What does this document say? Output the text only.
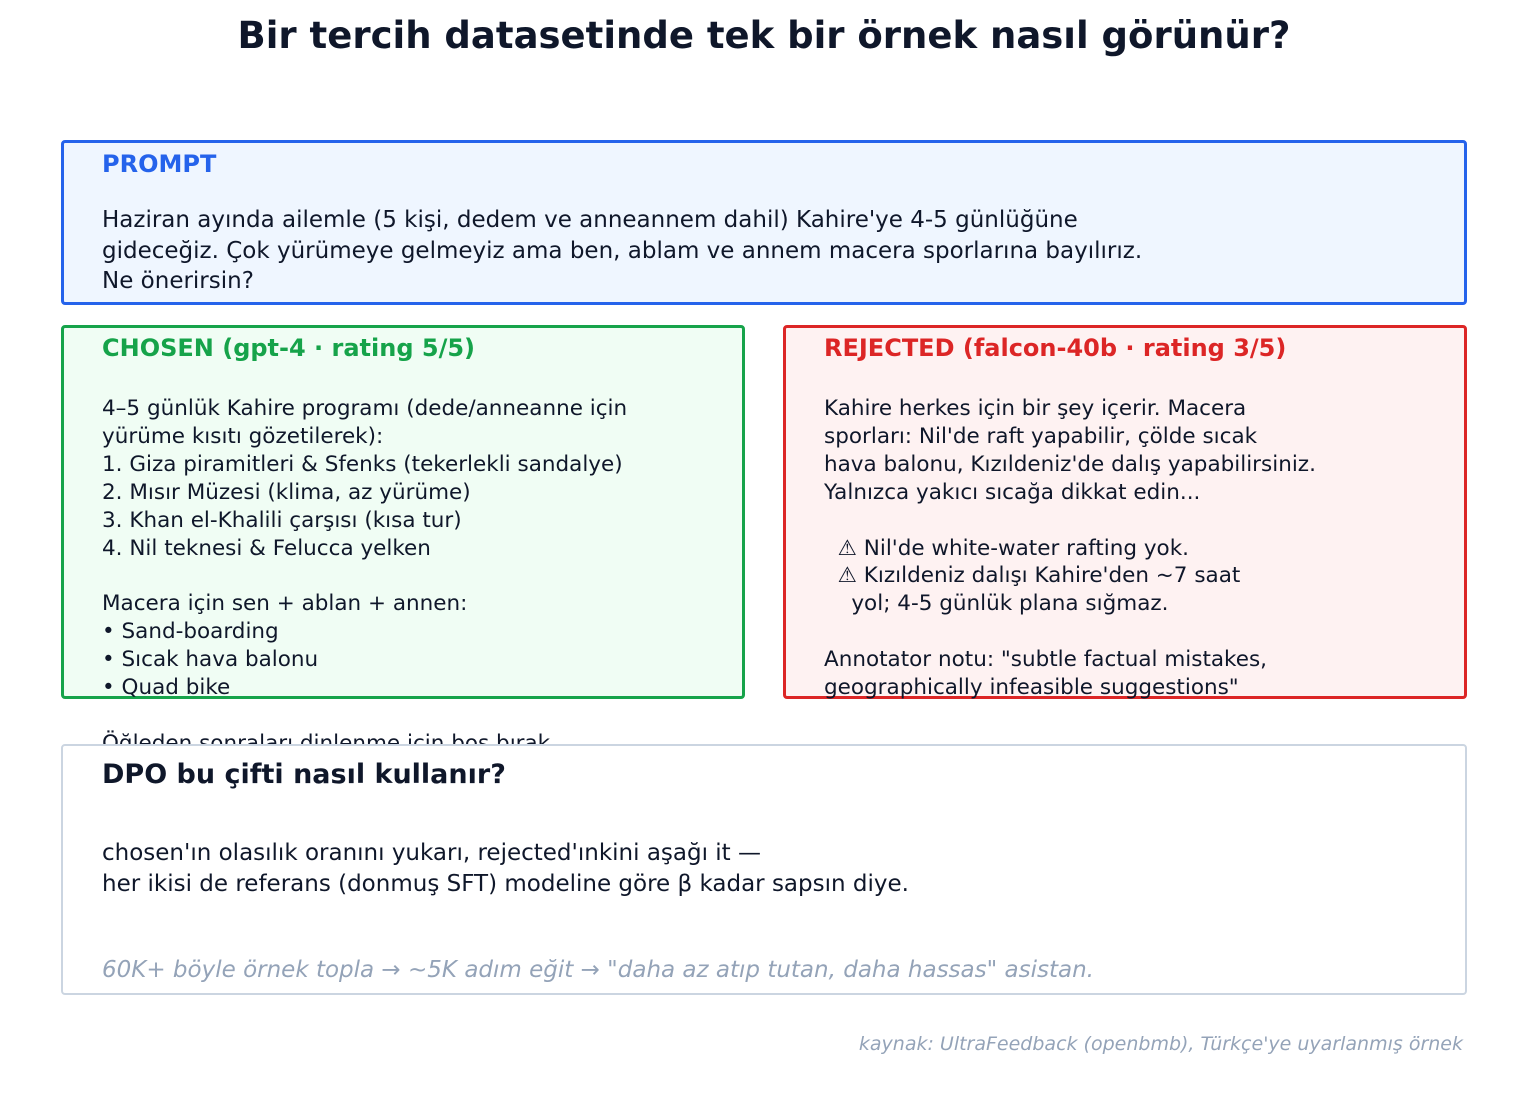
Bir tercih datasetinde tek bir örnek nasıl görünür?
PROMPT
Haziran ayında ailemle (5 kişi, dedem ve anneannem dahil) Kahire'ye 4-5 günlüğüne
gideceğiz. Çok yürümeye gelmeyiz ama ben, ablam ve annem macera sporlarına bayılırız.
Ne önerirsin?
CHOSEN (gpt-4 · rating 5/5)
4–5 günlük Kahire programı (dede/anneanne için
yürüme kısıtı gözetilerek):
1. Giza piramitleri & Sfenks (tekerlekli sandalye)
2. Mısır Müzesi (klima, az yürüme)
3. Khan el-Khalili çarşısı (kısa tur)
4. Nil teknesi & Felucca yelken

Macera için sen + ablan + annen:
• Sand-boarding
• Sıcak hava balonu
• Quad bike

REJECTED (falcon-40b · rating 3/5)
Kahire herkes için bir şey içerir. Macera
sporları: Nil'de raft yapabilir, çölde sıcak
hava balonu, Kızıldeniz'de dalış yapabilirsiniz.
Yalnızca yakıcı sıcağa dikkat edin...

⚠ Nil'de white-water rafting yok.
⚠ Kızıldeniz dalışı Kahire'den ~7 saat
yol; 4-5 günlük plana sığmaz.

Annotator notu: "subtle factual mistakes,
geographically infeasible suggestions"
DPO bu çifti nasıl kullanır?
chosen'ın olasılık oranını yukarı, rejected'ınkini aşağı it —
her ikisi de referans (donmuş SFT) modeline göre β kadar sapsın diye.
60K+ böyle örnek topla → ~5K adım eğit → "daha az atıp tutan, daha hassas" asistan.
kaynak: UltraFeedback (openbmb), Türkçe'ye uyarlanmış örnek
